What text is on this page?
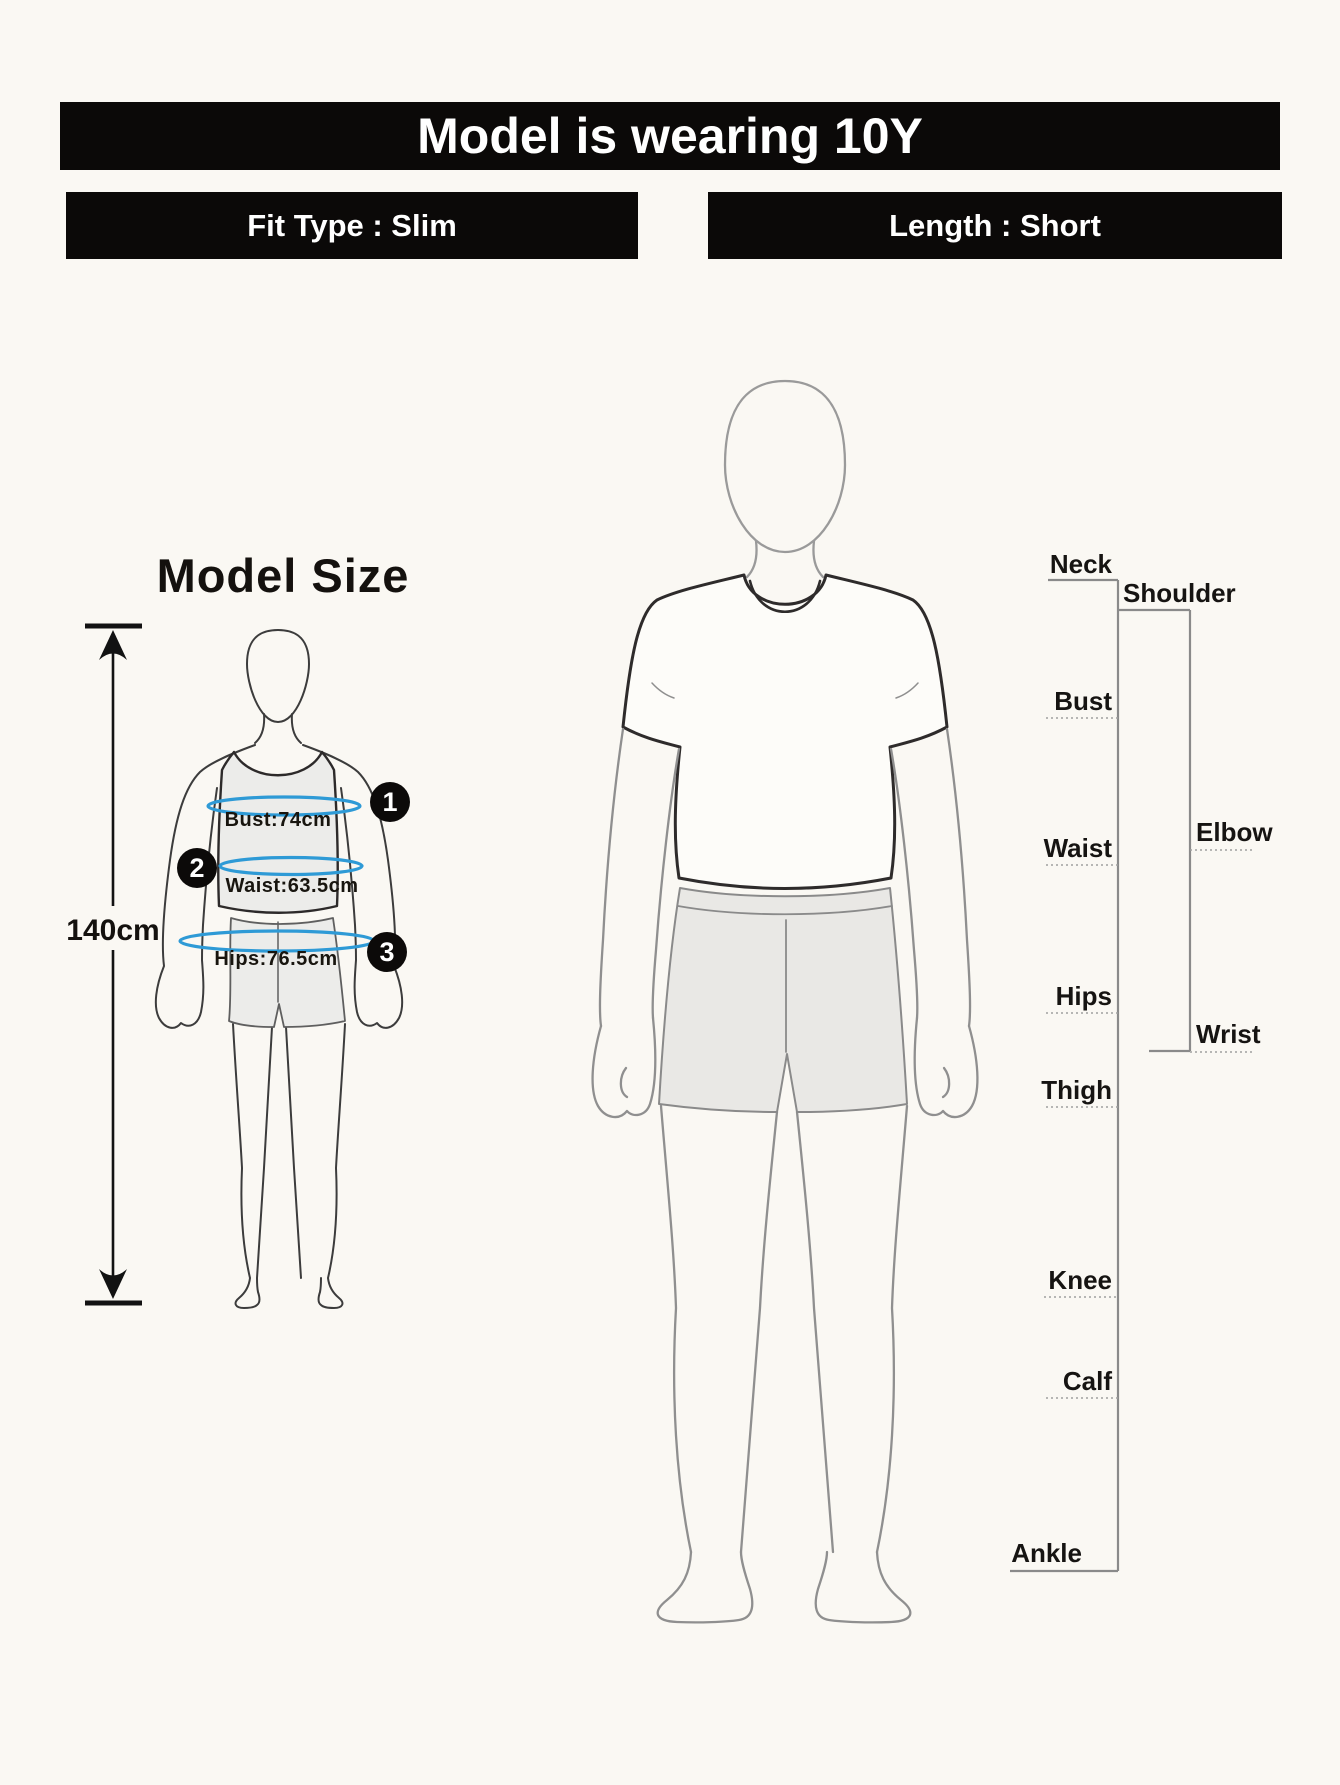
Model is wearing 10Y
Fit Type : Slim	Length : Short
Model Size
140cm
1
Bust:74cm
2
Waist:63.5cm
3
Hips:76.5cm
Neck
Bust
Waist
Hips
Thigh
Knee
Calf
Ankle
Shoulder
Elbow
Wrist
